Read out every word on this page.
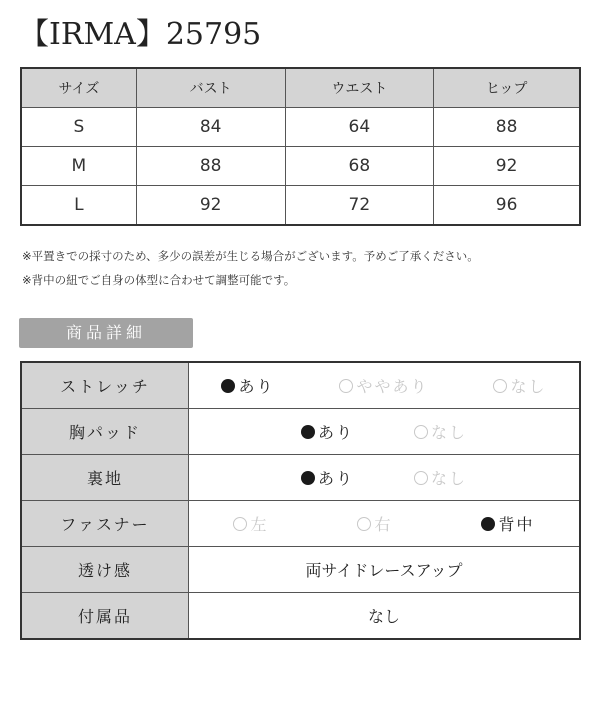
【IRMA】25795
サイズ	バスト	ウエスト	ヒップ
S	84	64	88
M	88	68	92
L	92	72	96
※平置きでの採寸のため、多少の誤差が生じる場合がございます。予めご了承ください。
※背中の紐でご自身の体型に合わせて調整可能です。
商品詳細
ストレッチ	あり ややあり なし

胸パッド	あり なし

裏地	あり なし

ファスナー	左 右 背中

透け感	両サイドレースアップ
付属品	なし
